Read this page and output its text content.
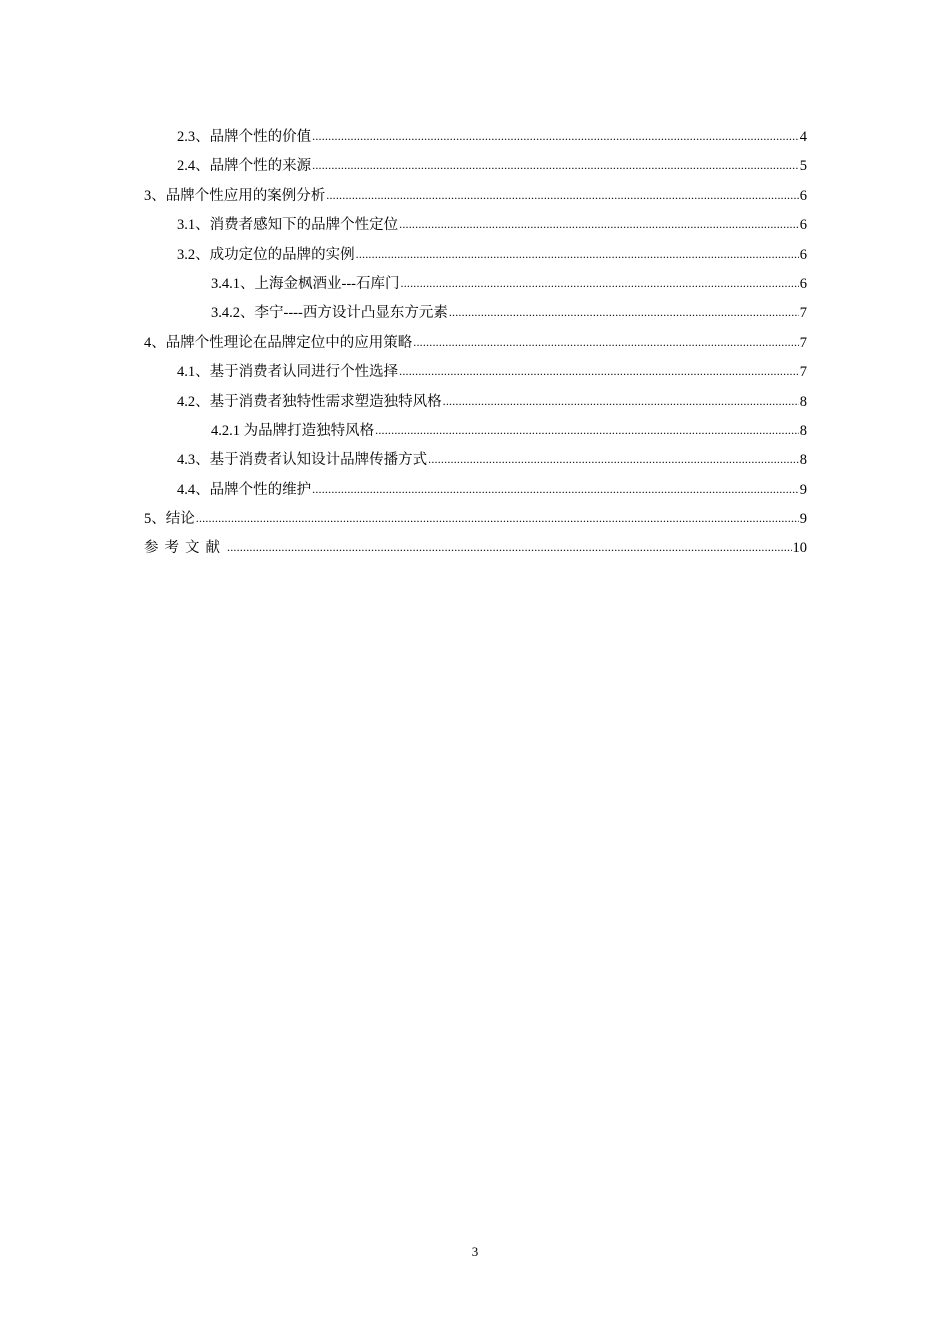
2.3、品牌个性的价值 .....	4
2.4、品牌个性的来源 .....	5
3、品牌个性应用的案例分析 .....	6
3.1、消费者感知下的品牌个性定位 .....	6
3.2、成功定位的品牌的实例 .....	6
3.4.1、上海金枫酒业---石库门 .....	6
3.4.2、李宁----西方设计凸显东方元素 .....	7
4、品牌个性理论在品牌定位中的应用策略 .....	7
4.1、基于消费者认同进行个性选择 .....	7
4.2、基于消费者独特性需求塑造独特风格 .....	8
4.2.1 为品牌打造独特风格 .....	8
4.3、基于消费者认知设计品牌传播方式 .....	8
4.4、品牌个性的维护 .....	9
5、结论 .....	9
参考文献 .....	10
3
